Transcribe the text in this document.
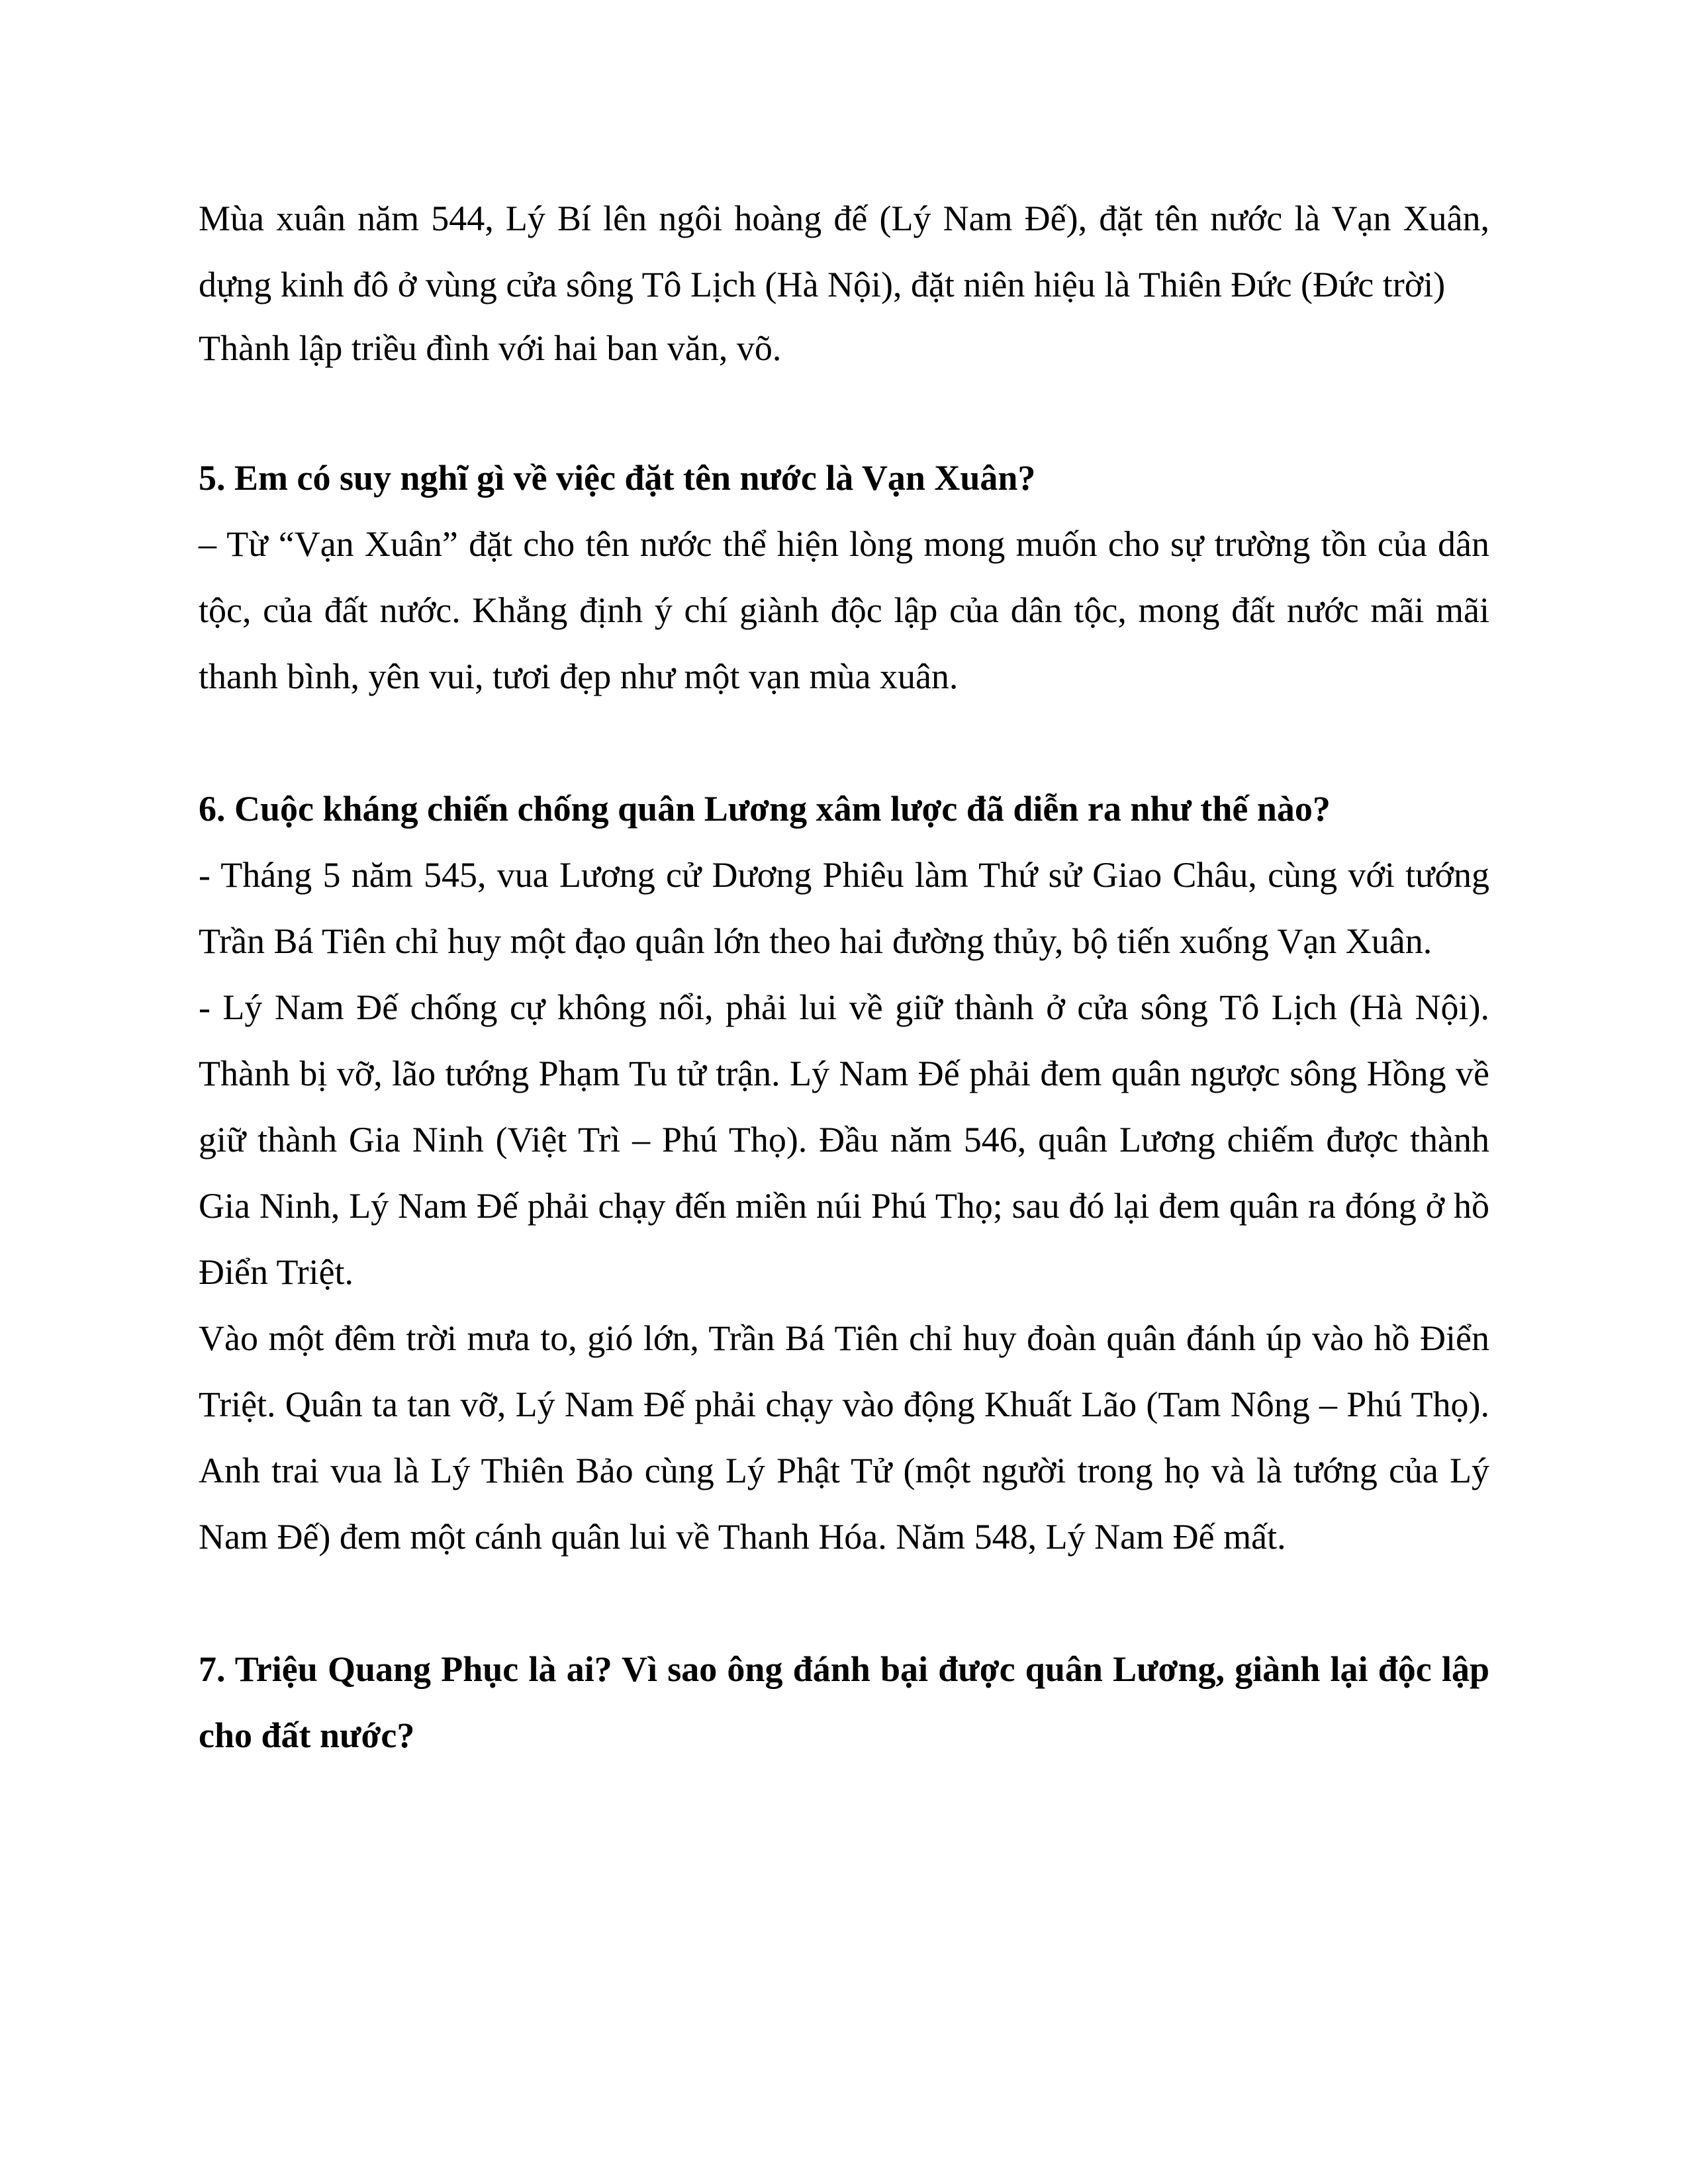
Mùa xuân năm 544, Lý Bí lên ngôi hoàng đế (Lý Nam Đế), đặt tên nước là Vạn Xuân, dựng kinh đô ở vùng cửa sông Tô Lịch (Hà Nội), đặt niên hiệu là Thiên Đức (Đức trời)

Thành lập triều đình với hai ban văn, võ.

5. Em có suy nghĩ gì về việc đặt tên nước là Vạn Xuân?

– Từ “Vạn Xuân” đặt cho tên nước thể hiện lòng mong muốn cho sự trường tồn của dân tộc, của đất nước. Khẳng định ý chí giành độc lập của dân tộc, mong đất nước mãi mãi thanh bình, yên vui, tươi đẹp như một vạn mùa xuân.

6. Cuộc kháng chiến chống quân Lương xâm lược đã diễn ra như thế nào?

- Tháng 5 năm 545, vua Lương cử Dương Phiêu làm Thứ sử Giao Châu, cùng với tướng Trần Bá Tiên chỉ huy một đạo quân lớn theo hai đường thủy, bộ tiến xuống Vạn Xuân.

- Lý Nam Đế chống cự không nổi, phải lui về giữ thành ở cửa sông Tô Lịch (Hà Nội). Thành bị vỡ, lão tướng Phạm Tu tử trận. Lý Nam Đế phải đem quân ngược sông Hồng về giữ thành Gia Ninh (Việt Trì – Phú Thọ). Đầu năm 546, quân Lương chiếm được thành Gia Ninh, Lý Nam Đế phải chạy đến miền núi Phú Thọ; sau đó lại đem quân ra đóng ở hồ Điển Triệt.

Vào một đêm trời mưa to, gió lớn, Trần Bá Tiên chỉ huy đoàn quân đánh úp vào hồ Điển Triệt. Quân ta tan vỡ, Lý Nam Đế phải chạy vào động Khuất Lão (Tam Nông – Phú Thọ). Anh trai vua là Lý Thiên Bảo cùng Lý Phật Tử (một người trong họ và là tướng của Lý Nam Đế) đem một cánh quân lui về Thanh Hóa. Năm 548, Lý Nam Đế mất.

7. Triệu Quang Phục là ai? Vì sao ông đánh bại được quân Lương, giành lại độc lập cho đất nước?
